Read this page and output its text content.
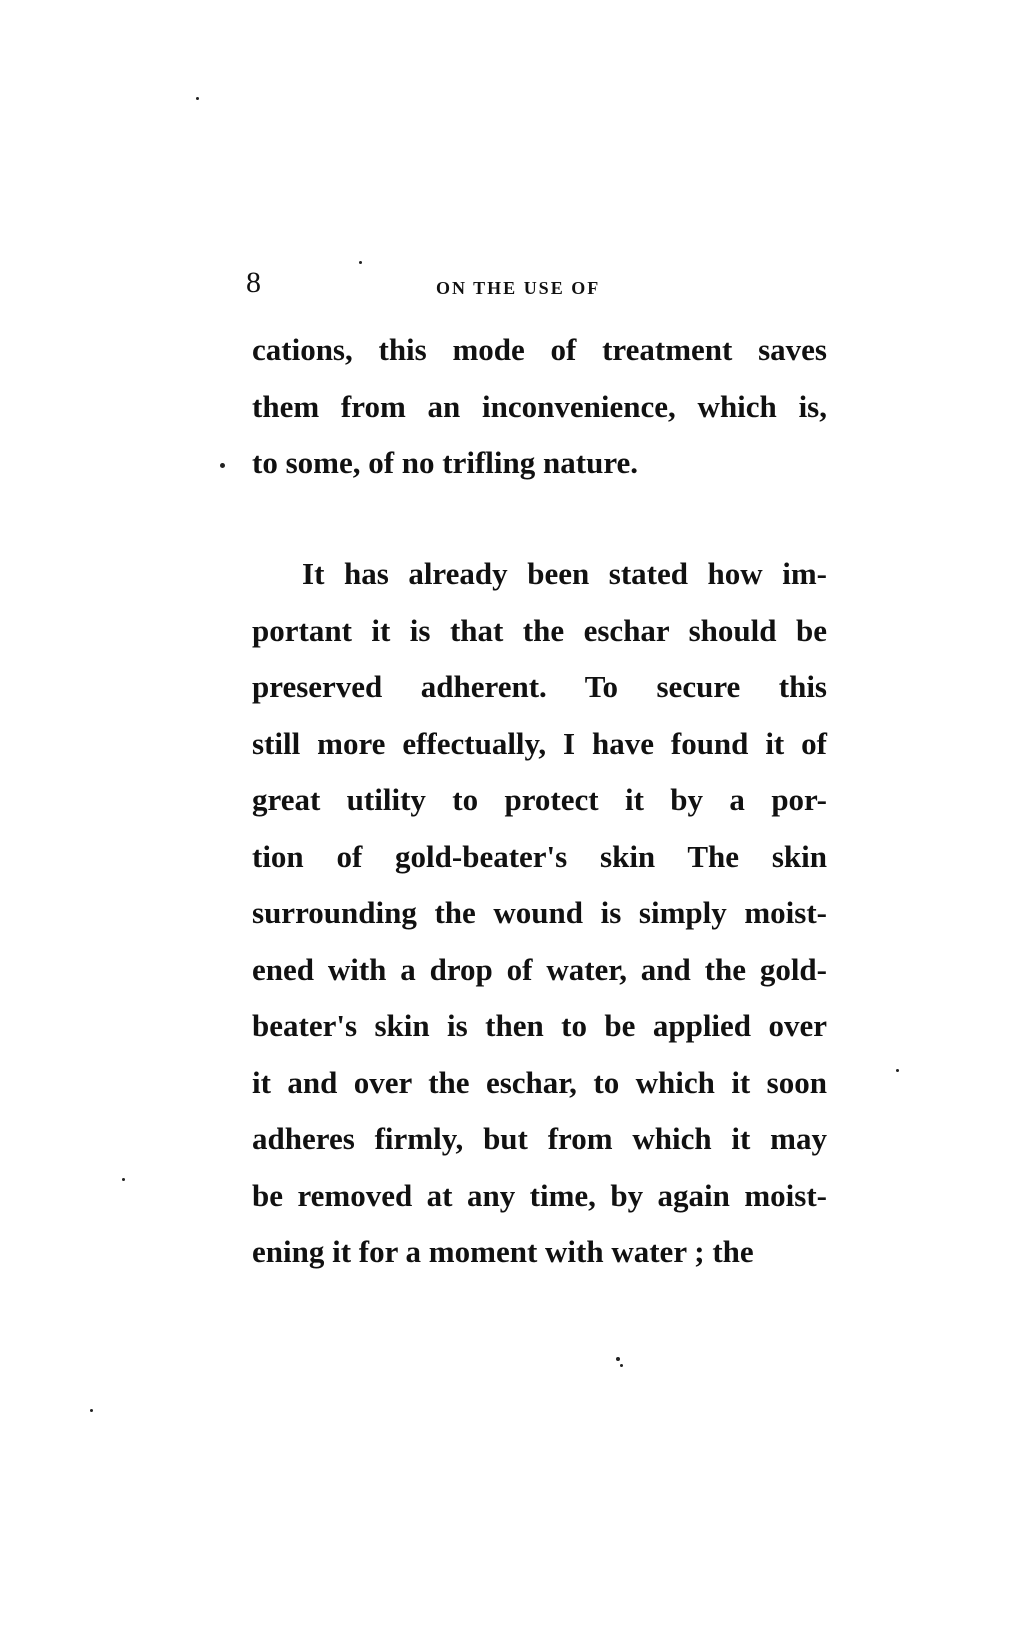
8	ON THE USE OF
cations, this mode of treatment saves
them from an inconvenience, which is,
to some, of no trifling nature.
It has already been stated how im-
portant it is that the eschar should be
preserved adherent. To secure this
still more effectually, I have found it of
great utility to protect it by a por-
tion of gold-beater's skin The skin
surrounding the wound is simply moist-
ened with a drop of water, and the gold-
beater's skin is then to be applied over
it and over the eschar, to which it soon
adheres firmly, but from which it may
be removed at any time, by again moist-
ening it for a moment with water ; the
